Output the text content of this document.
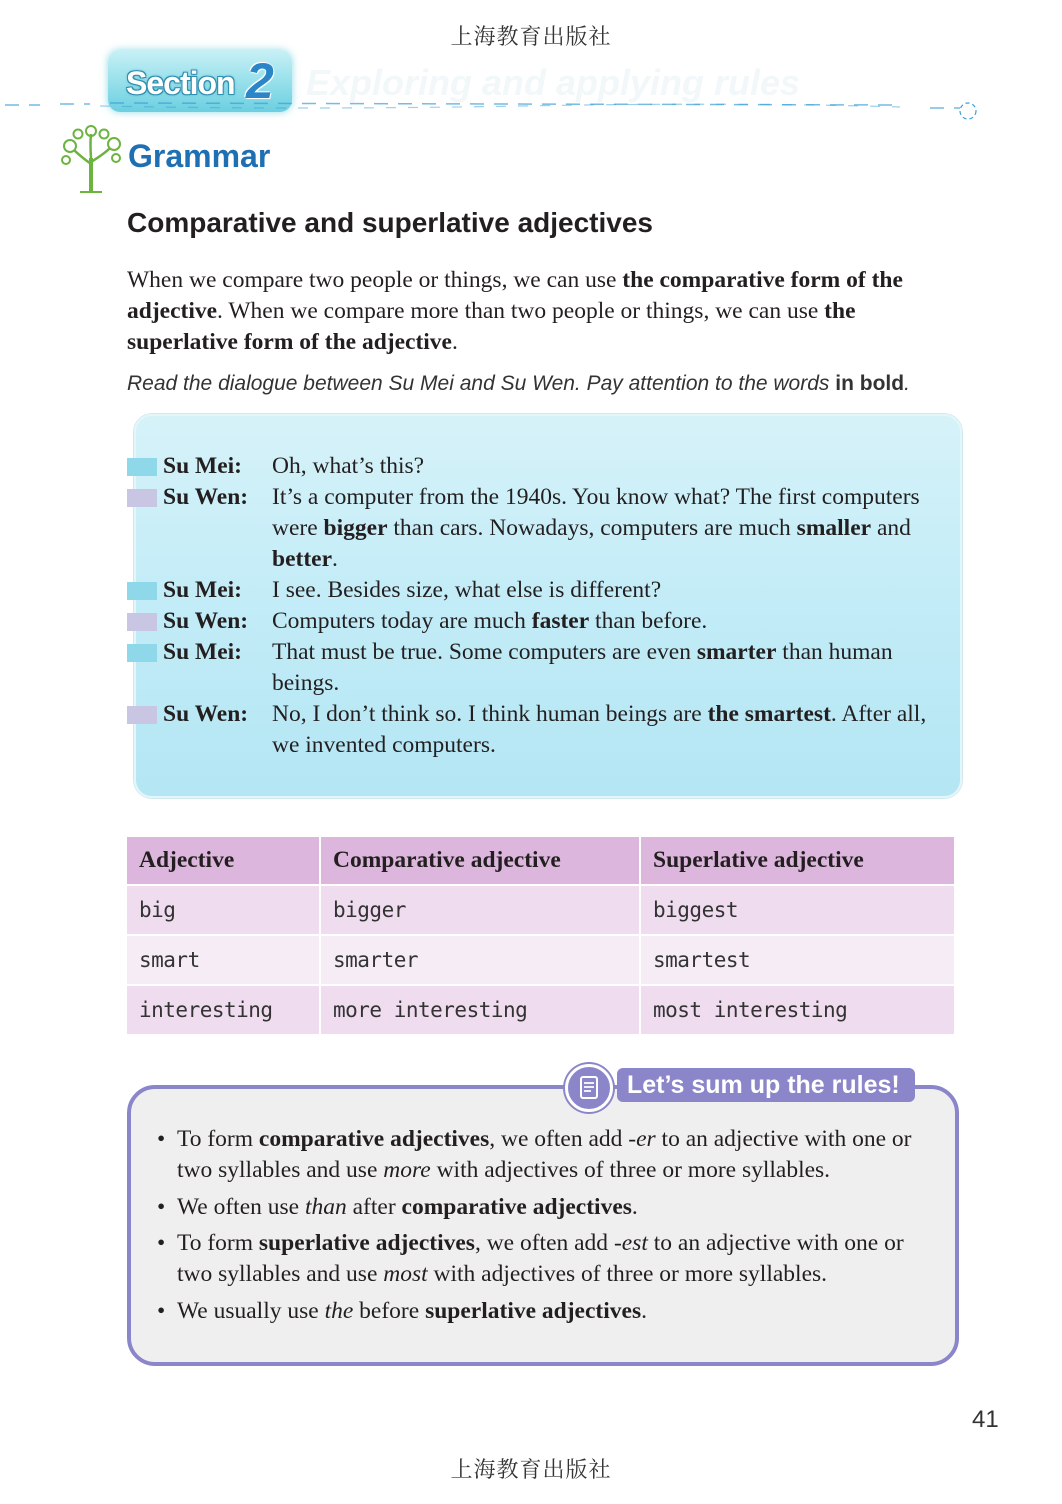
上海教育出版社
Section 2 Exploring and applying rules
Grammar
Comparative and superlative adjectives
When we compare two people or things, we can use the comparative form of the adjective. When we compare more than two people or things, we can use the superlative form of the adjective.
Read the dialogue between Su Mei and Su Wen. Pay attention to the words in bold.
Su Mei: Oh, what’s this?
Su Wen: It’s a computer from the 1940s. You know what? The first computers were bigger than cars. Nowadays, computers are much smaller and better.
Su Mei: I see. Besides size, what else is different?
Su Wen: Computers today are much faster than before.
Su Mei: That must be true. Some computers are even smarter than human beings.
Su Wen: No, I don’t think so. I think human beings are the smartest. After all, we invented computers.
Adjective	Comparative adjective	Superlative adjective
big	bigger	biggest
smart	smarter	smartest
interesting	more interesting	most interesting
Let’s sum up the rules!
• To form comparative adjectives, we often add -er to an adjective with one or two syllables and use more with adjectives of three or more syllables.
• We often use than after comparative adjectives.
• To form superlative adjectives, we often add -est to an adjective with one or two syllables and use most with adjectives of three or more syllables.
• We usually use the before superlative adjectives.
41
上海教育出版社
